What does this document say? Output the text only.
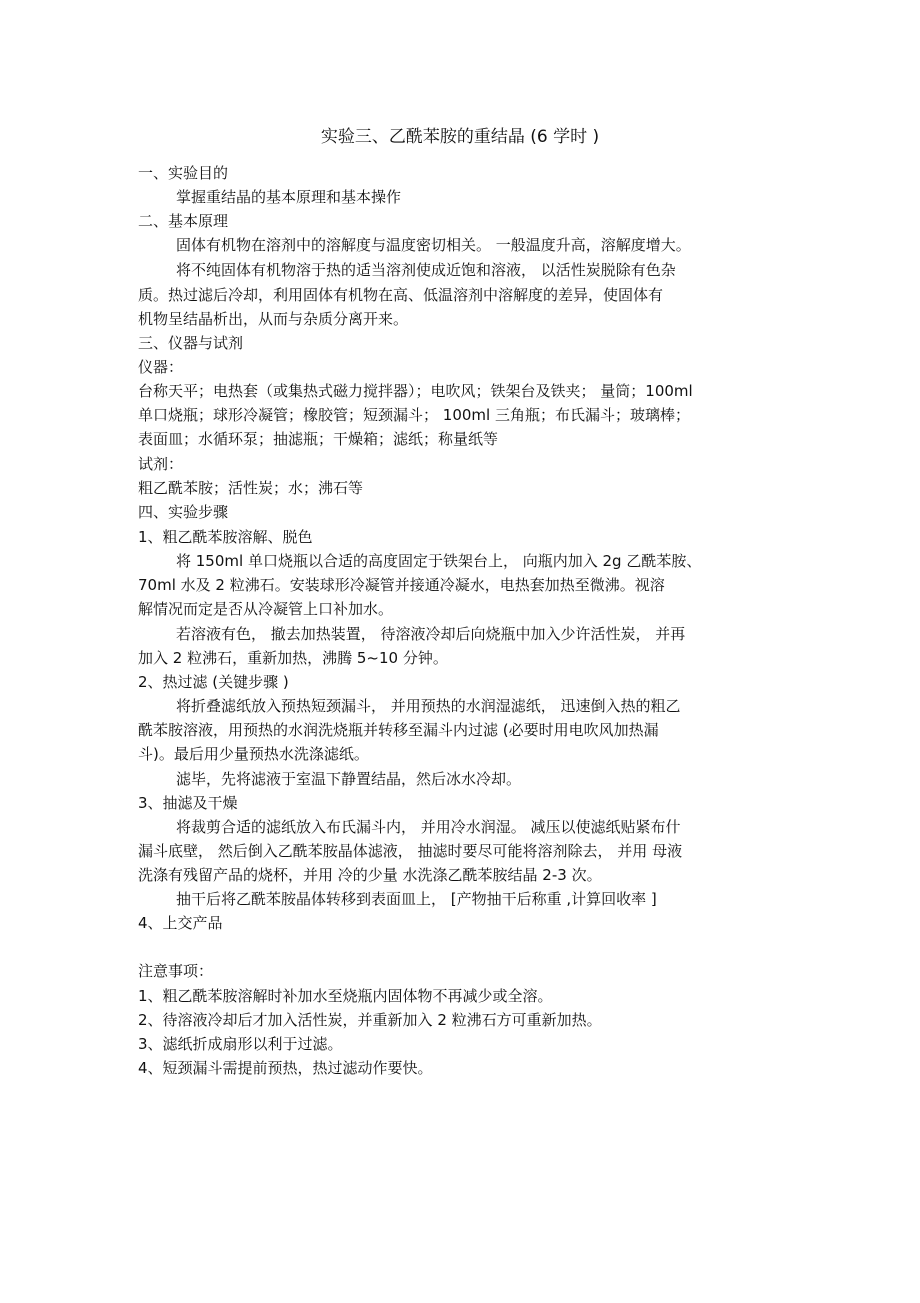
实验三、乙酰苯胺的重结晶 (6 学时 )
一、实验目的
掌握重结晶的基本原理和基本操作
二、基本原理
固体有机物在溶剂中的溶解度与温度密切相关。 一般温度升高，溶解度增大。
将不纯固体有机物溶于热的适当溶剂使成近饱和溶液， 以活性炭脱除有色杂
质。热过滤后冷却，利用固体有机物在高、低温溶剂中溶解度的差异，使固体有
机物呈结晶析出，从而与杂质分离开来。
三、仪器与试剂
仪器：
台称天平；电热套（或集热式磁力搅拌器）；电吹风；铁架台及铁夹； 量筒；100ml
单口烧瓶；球形冷凝管；橡胶管；短颈漏斗； 100ml 三角瓶；布氏漏斗；玻璃棒；
表面皿；水循环泵；抽滤瓶；干燥箱；滤纸；称量纸等
试剂：
粗乙酰苯胺；活性炭；水；沸石等
四、实验步骤
1、粗乙酰苯胺溶解、脱色
将 150ml 单口烧瓶以合适的高度固定于铁架台上， 向瓶内加入 2g 乙酰苯胺、
70ml 水及 2 粒沸石。安装球形冷凝管并接通冷凝水，电热套加热至微沸。视溶
解情况而定是否从冷凝管上口补加水。
若溶液有色， 撤去加热装置， 待溶液冷却后向烧瓶中加入少许活性炭， 并再
加入 2 粒沸石，重新加热，沸腾 5~10 分钟。
2、热过滤 (关键步骤 )
将折叠滤纸放入预热短颈漏斗， 并用预热的水润湿滤纸， 迅速倒入热的粗乙
酰苯胺溶液，用预热的水润洗烧瓶并转移至漏斗内过滤 (必要时用电吹风加热漏
斗)。最后用少量预热水洗涤滤纸。
滤毕，先将滤液于室温下静置结晶，然后冰水冷却。
3、抽滤及干燥
将裁剪合适的滤纸放入布氏漏斗内， 并用冷水润湿。 减压以使滤纸贴紧布什
漏斗底壁， 然后倒入乙酰苯胺晶体滤液， 抽滤时要尽可能将溶剂除去， 并用 母液
洗涤有残留产品的烧杯，并用 冷的少量 水洗涤乙酰苯胺结晶 2-3 次。
抽干后将乙酰苯胺晶体转移到表面皿上， [产物抽干后称重 ,计算回收率 ]
4、上交产品
注意事项：
1、粗乙酰苯胺溶解时补加水至烧瓶内固体物不再减少或全溶。
2、待溶液冷却后才加入活性炭，并重新加入 2 粒沸石方可重新加热。
3、滤纸折成扇形以利于过滤。
4、短颈漏斗需提前预热，热过滤动作要快。
